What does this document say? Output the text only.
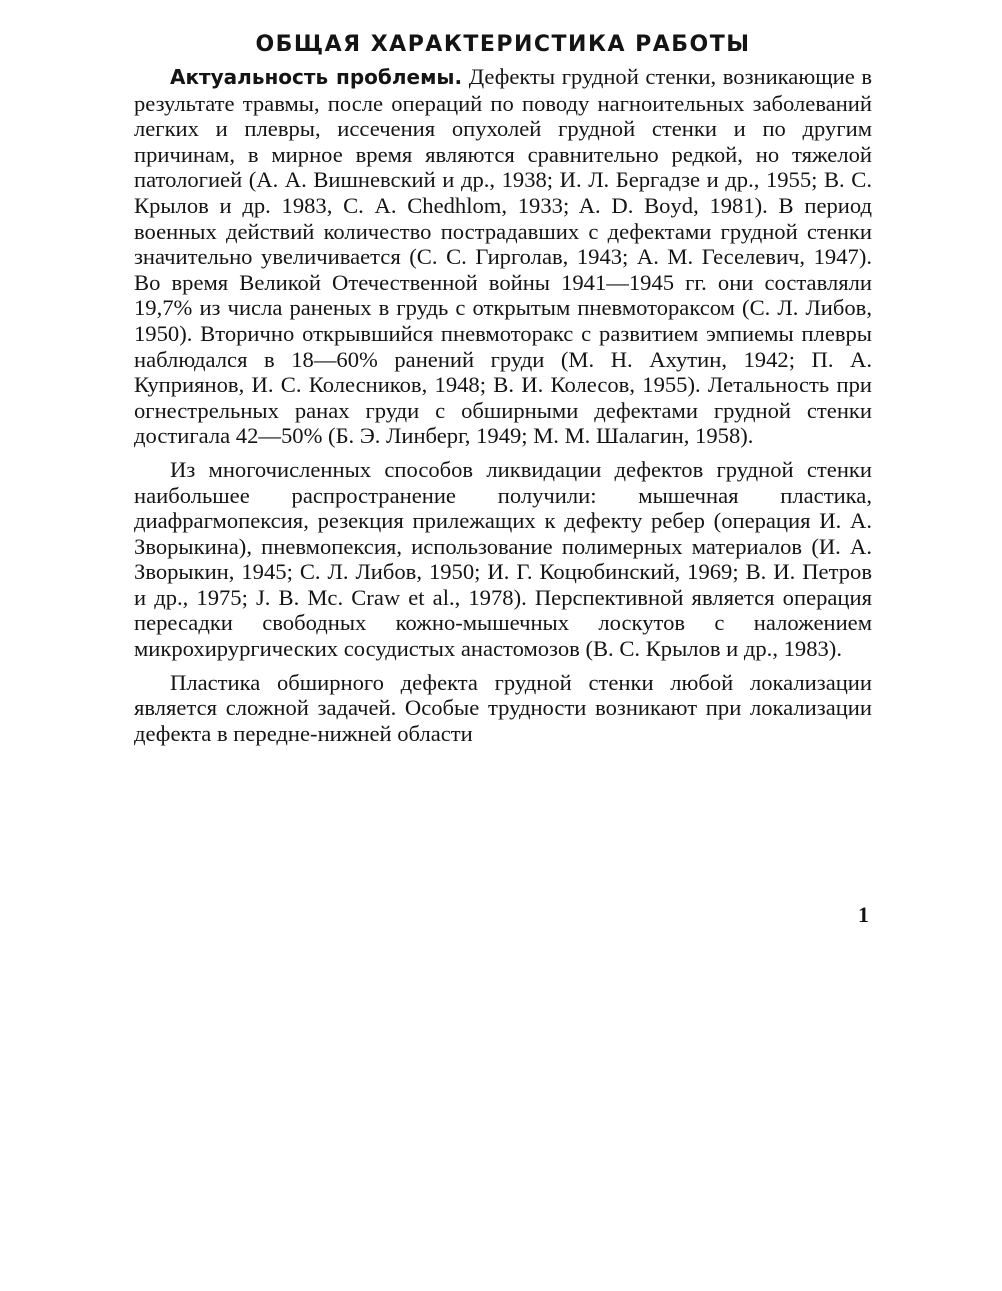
ОБЩАЯ ХАРАКТЕРИСТИКА РАБОТЫ

Актуальность проблемы. Дефекты грудной стенки, возникающие в результате травмы, после операций по поводу нагноительных заболеваний легких и плевры, иссечения опухолей грудной стенки и по другим причинам, в мирное время являются сравнительно редкой, но тяжелой патологией (А. А. Вишневский и др., 1938; И. Л. Бергадзе и др., 1955; В. С. Крылов и др. 1983, С. А. Chedhlom, 1933; A. D. Boyd, 1981). В период военных действий количество пострадавших с дефектами грудной стенки значительно увеличивается (С. С. Гирголав, 1943; А. М. Геселевич, 1947). Во время Великой Отечественной войны 1941—1945 гг. они составляли 19,7% из числа раненых в грудь с открытым пневмотораксом (С. Л. Либов, 1950). Вторично открывшийся пневмоторакс с развитием эмпиемы плевры наблюдался в 18—60% ранений груди (М. Н. Ахутин, 1942; П. А. Куприянов, И. С. Колесников, 1948; В. И. Колесов, 1955). Летальность при огнестрельных ранах груди с обширными дефектами грудной стенки достигала 42—50% (Б. Э. Линберг, 1949; М. М. Шалагин, 1958).

Из многочисленных способов ликвидации дефектов грудной стенки наибольшее распространение получили: мышечная пластика, диафрагмопексия, резекция прилежащих к дефекту ребер (операция И. А. Зворыкина), пневмопексия, использование полимерных материалов (И. А. Зворыкин, 1945; С. Л. Либов, 1950; И. Г. Коцюбинский, 1969; В. И. Петров и др., 1975; J. B. Mc. Craw et al., 1978). Перспективной является операция пересадки свободных кожно-мышечных лоскутов с наложением микрохирургических сосудистых анастомозов (В. С. Крылов и др., 1983).

Пластика обширного дефекта грудной стенки любой локализации является сложной задачей. Особые трудности возникают при локализации дефекта в передне-нижней области

1
